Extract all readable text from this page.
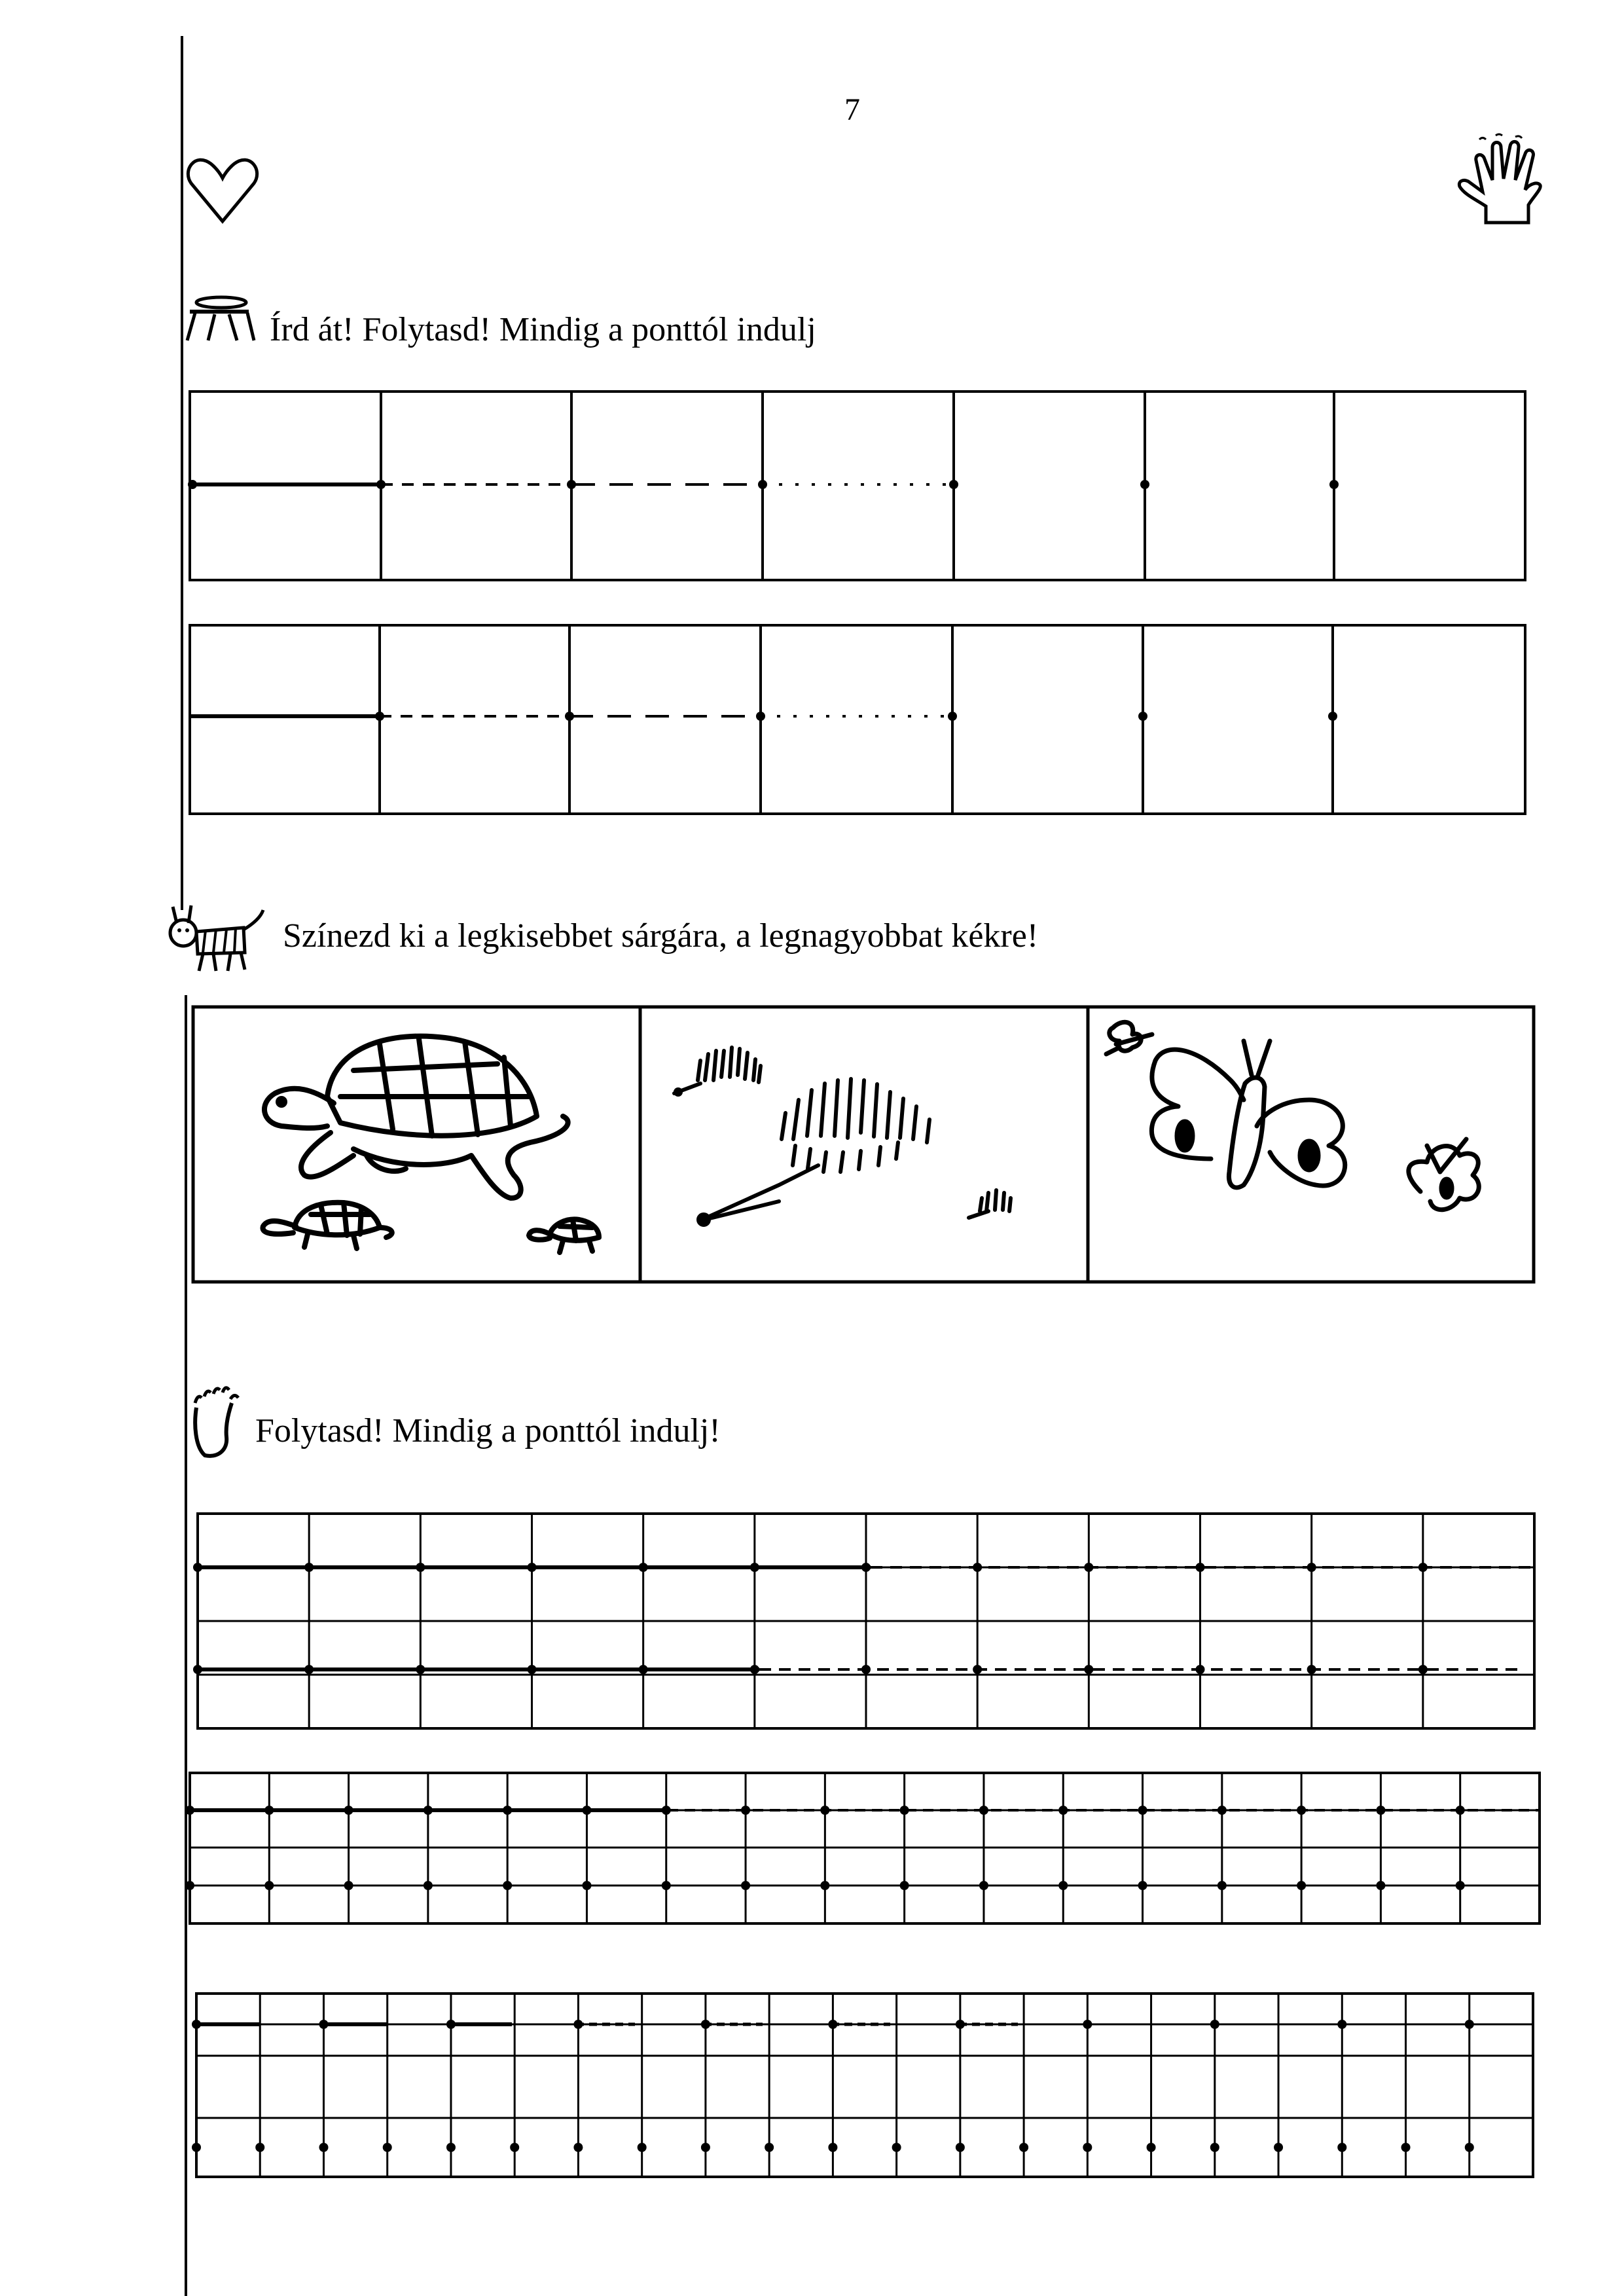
7
Írd át! Folytasd! Mindig a ponttól indulj
Színezd ki a legkisebbet sárgára, a legnagyobbat kékre!
Folytasd! Mindig a ponttól indulj!
